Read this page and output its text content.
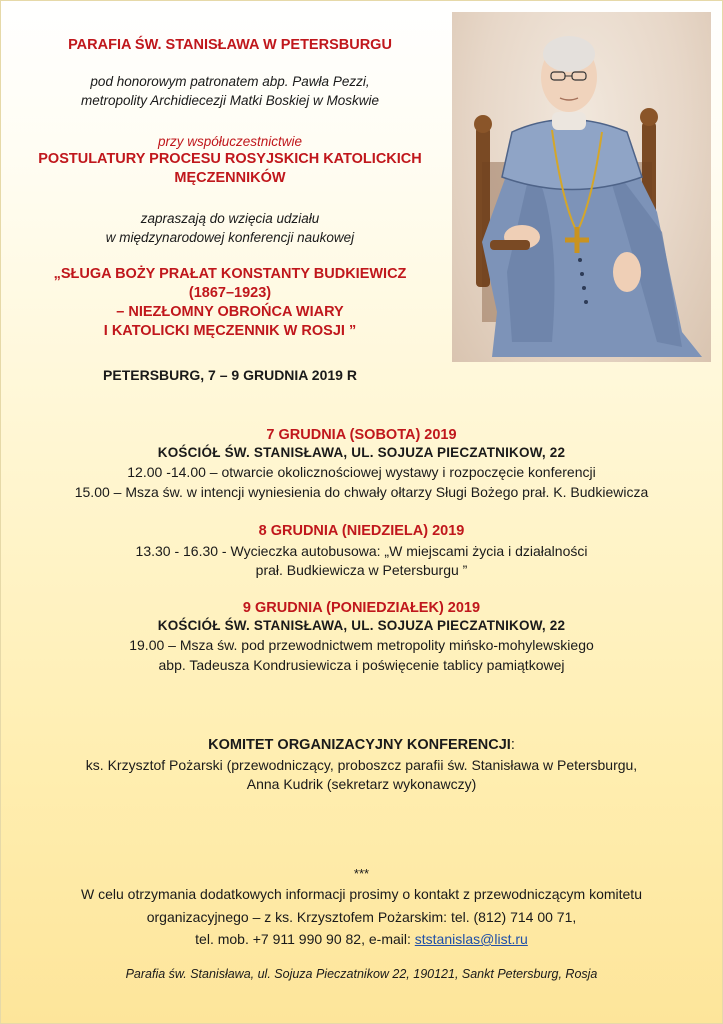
PARAFIA ŚW. STANISŁAWA W PETERSBURGU
pod honorowym patronatem abp. Pawła Pezzi,
metropolity Archidiecezji Matki Boskiej w Moskwie
przy współuczestnictwie
POSTULATURY PROCESU ROSYJSKICH KATOLICKICH
MĘCZENNIKÓW
zapraszają do wzięcia udziału
w międzynarodowej konferencji naukowej
„SŁUGA BOŻY PRAŁAT KONSTANTY BUDKIEWICZ
(1867–1923)
– NIEZŁOMNY OBROŃCA WIARY
I KATOLICKI MĘCZENNIK W ROSJI ”
PETERSBURG, 7 – 9 GRUDNIA 2019 R
7 GRUDNIA (SOBOTA) 2019
KOŚCIÓŁ ŚW. STANISŁAWA, UL. SOJUZA PIECZATNIKOW, 22
12.00 -14.00 – otwarcie okolicznościowej wystawy i rozpoczęcie konferencji
15.00 – Msza św. w intencji wyniesienia do chwały ołtarzy Sługi Bożego prał. K. Budkiewicza
8 GRUDNIA (NIEDZIELA) 2019
13.30 - 16.30 - Wycieczka autobusowa: „W miejscami życia i działalności
prał. Budkiewicza w Petersburgu ”
9 GRUDNIA (PONIEDZIAŁEK) 2019
KOŚCIÓŁ ŚW. STANISŁAWA, UL. SOJUZA PIECZATNIKOW, 22
19.00 – Msza św. pod przewodnictwem metropolity mińsko-mohylewskiego
abp. Tadeusza Kondrusiewicza i poświęcenie tablicy pamiątkowej
KOMITET ORGANIZACYJNY KONFERENCJI:
ks. Krzysztof Pożarski (przewodniczący, proboszcz parafii św. Stanisława w Petersburgu,
Anna Kudrik (sekretarz wykonawczy)
***
W celu otrzymania dodatkowych informacji prosimy o kontakt z przewodniczącym komitetu
organizacyjnego – z ks. Krzysztofem Pożarskim: tel. (812) 714 00 71,
tel. mob. +7 911 990 90 82, e-mail: ststanislas@list.ru
Parafia św. Stanisława, ul. Sojuza Pieczatnikow 22, 190121, Sankt Petersburg, Rosja
